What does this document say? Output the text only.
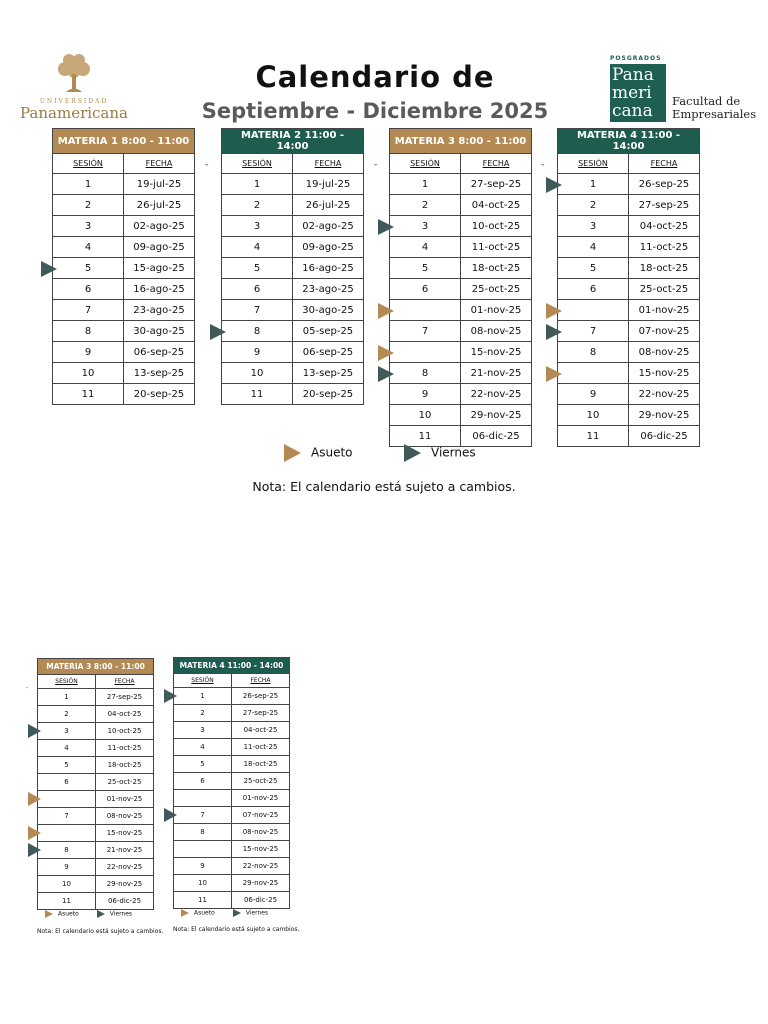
UNIVERSIDAD
Panamericana
Calendario de
Septiembre - Diciembre 2025
POSGRADOS
Pana
meri
cana	Facultad de
Empresariales
MATERIA 1 8:00 - 11:00	
SESIÓN	FECHA
1	19-jul-25
2	26-jul-25
3	02-ago-25
4	09-ago-25

5	15-ago-25
6	16-ago-25
7	23-ago-25
8	30-ago-25
9	06-sep-25
10	13-sep-25
11	20-sep-25
MATERIA 2 11:00 - 14:00	
SESIÓN	FECHA
1	19-jul-25
2	26-jul-25
3	02-ago-25
4	09-ago-25
5	16-ago-25
6	23-ago-25
7	30-ago-25

8	05-sep-25
9	06-sep-25
10	13-sep-25
11	20-sep-25
MATERIA 3 8:00 - 11:00	
SESIÓN	FECHA
1	27-sep-25
2	04-oct-25

3	10-oct-25
4	11-oct-25
5	18-oct-25
6	25-oct-25

	01-nov-25
7	08-nov-25

	15-nov-25

8	21-nov-25
9	22-nov-25
10	29-nov-25
11	06-dic-25
MATERIA 4 11:00 - 14:00	
SESIÓN	FECHA

1	26-sep-25
2	27-sep-25
3	04-oct-25
4	11-oct-25
5	18-oct-25
6	25-oct-25

	01-nov-25

7	07-nov-25
8	08-nov-25

	15-nov-25
9	22-nov-25
10	29-nov-25
11	06-dic-25
-	-	-
Asueto	Viernes
Nota: El calendario está sujeto a cambios.
MATERIA 3 8:00 - 11:00	
SESIÓN	FECHA
1	27-sep-25
2	04-oct-25

3	10-oct-25
4	11-oct-25
5	18-oct-25
6	25-oct-25

	01-nov-25
7	08-nov-25

	15-nov-25

8	21-nov-25
9	22-nov-25
10	29-nov-25
11	06-dic-25
Asueto	Viernes
Nota: El calendario está sujeto a cambios.
MATERIA 4 11:00 - 14:00	
SESIÓN	FECHA

1	26-sep-25
2	27-sep-25
3	04-oct-25
4	11-oct-25
5	18-oct-25
6	25-oct-25
	01-nov-25

7	07-nov-25
8	08-nov-25
	15-nov-25
9	22-nov-25
10	29-nov-25
11	06-dic-25
Asueto	Viernes
Nota: El calendario está sujeto a cambios.
.
